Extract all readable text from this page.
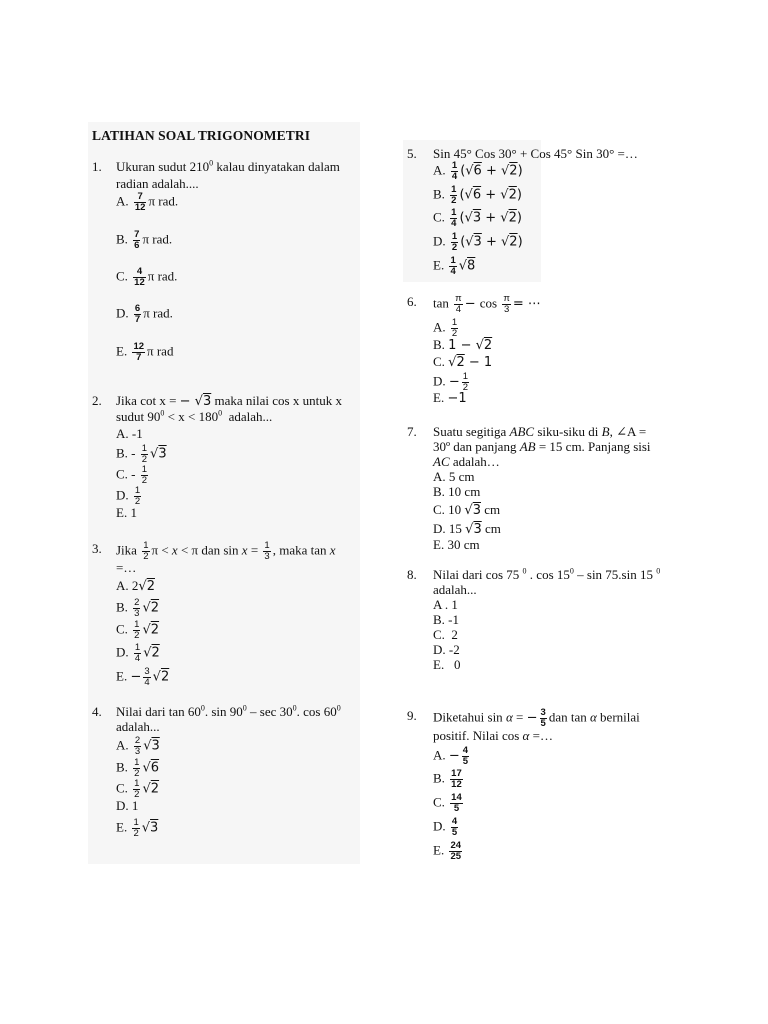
LATIHAN SOAL TRIGONOMETRI
1.	Ukuran sudut $210^0$ kalau dinyatakan dalam
radian adalah....
A. $\frac{7}{12}$ π rad.
B. $\frac{7}{6}$ π rad.
C. $\frac{4}{12}$ π rad.
D. $\frac{6}{7}$ π rad.
E. $\frac{12}{7}$ π rad
2.	Jika cot x = − √3 maka nilai cos x untuk x
sudut $90^0 < x < 180^0$  adalah...
A. -1
B. - $\frac{1}{2} √3$
C. - $\frac{1}{2}$
D. $\frac{1}{2}$
E. 1
3.	Jika $\frac{1}{2}$ π < x < π dan $\sin x = \frac{1}{3}$ , maka tan x
=…
A. 2√2
B. $\frac{2}{3} √2$
C. $\frac{1}{2} √2$
D. $\frac{1}{4} √2$
E. − $\frac{3}{4} √2$
4.	Nilai dari $\tan 60^0$. $\sin 90^0$ – $\sec 30^0$. $\cos 60^0$
adalah...
A. $\frac{2}{3} √3$
B. $\frac{1}{2} √6$
C. $\frac{1}{2} √2$
D. 1
E. $\frac{1}{2} √3$
5.	Sin 45° Cos 30° + Cos 45° Sin 30° =…
A. $\frac{1}{4} (√6 + √2)$
B. $\frac{1}{2} (√6 + √2)$
C. $\frac{1}{4} (√3 + √2)$
D. $\frac{1}{2} (√3 + √2)$
E. $\frac{1}{4} √8$
6.	$\tan \frac{\pi}{4} - \cos \frac{\pi}{3}$ = ⋯
A. $\frac{1}{2}$
B. 1 − √2
C. √2 − 1
D. − $\frac{1}{2}$
E. −1
7.	Suatu segitiga ABC siku-siku di B, ∠A =
30º dan panjang AB = 15 cm. Panjang sisi
AC adalah…
A. 5 cm
B. 10 cm
C. 10 √3 cm
D. 15 √3 cm
E. 30 cm
8.	Nilai dari cos 75 $^0$ . $\cos 15^0$ – sin 75.sin 15 $^0$
adalah...
A . 1
B. -1
C.  2
D. -2
E.   0
9.	Diketahui sin α = − $\frac{3}{5}$ dan tan α bernilai
positif. Nilai cos α =…
A. − $\frac{4}{5}$
B. $\frac{17}{12}$
C. $\frac{14}{5}$
D. $\frac{4}{5}$
E. $\frac{24}{25}$
